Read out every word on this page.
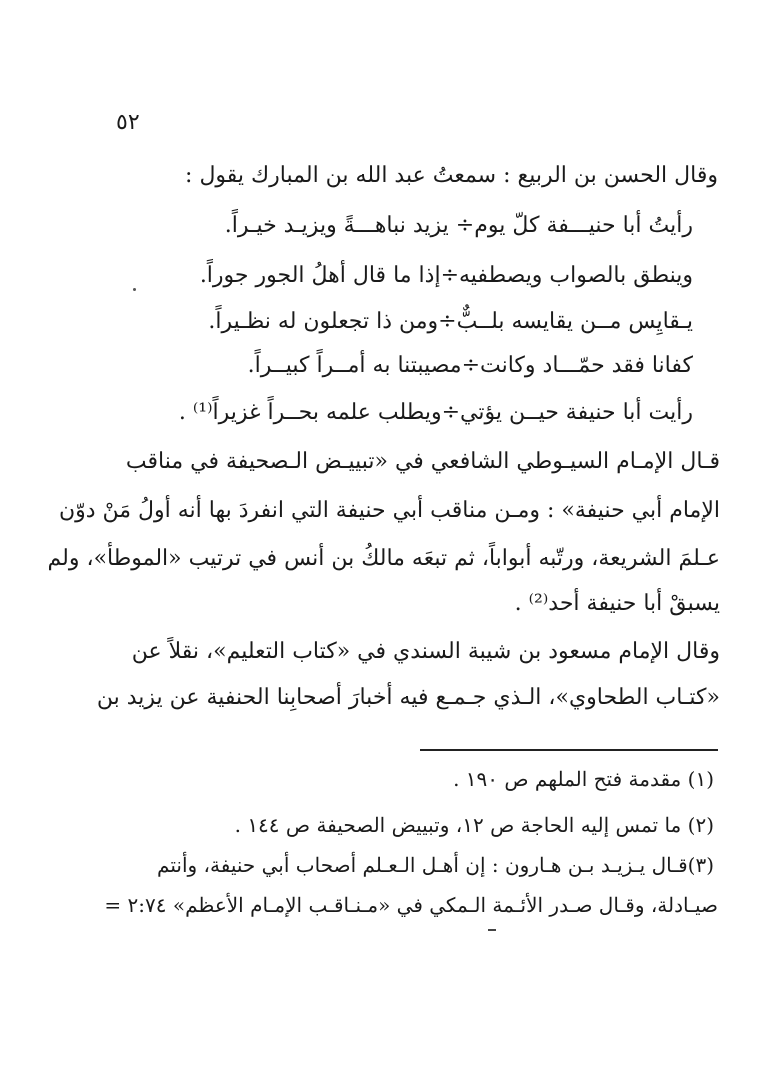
٥٢
وقال الحسن بن الربيع : سمعتُ عبد الله بن المبارك يقول :
رأيتُ أبا حنيـــفة كلّ يوم÷ يزيد نباهـــةً ويزيـد خيـراً.
وينطق بالصواب ويصطفيه÷إذا ما قال أهلُ الجور جوراً.
يـقايِس مــن يقايسه بلــبٌّ÷ومن ذا تجعلون له نظـيراً.
كفانا فقد حمّـــاد وكانت÷مصيبتنا به أمــراً كبيــراً.
رأيت أبا حنيفة حيــن يؤتي÷ويطلب علمه بحــراً غزيراً⁽¹⁾ .
قـال الإمـام السيـوطي الشافعي في «تبييـض الـصحيفة في مناقب
الإمام أبي حنيفة» : ومـن مناقب أبي حنيفة التي انفردَ بها أنه أولُ مَنْ دوّن
عـلمَ الشريعة، ورتّبه أبواباً، ثم تبعَه مالكُ بن أنس في ترتيب «الموطأ»، ولم
يسبقْ أبا حنيفة أحد⁽²⁾ .
وقال الإمام مسعود بن شيبة السندي في «كتاب التعليم»، نقلاً عن
«كتـاب الطحاوي»، الـذي جـمـع فيه أخبارَ أصحابِنا الحنفية عن يزيد بن
(١) مقدمة فتح الملهم ص ١٩٠ .
(٢) ما تمس إليه الحاجة ص ١٢، وتبييض الصحيفة ص ١٤٤ .
(٣)قـال يـزيـد بـن هـارون : إن أهـل الـعـلم أصحاب أبي حنيفة، وأنتم
صيـادلة، وقـال صـدر الأئـمة الـمكي في «مـنـاقـب الإمـام الأعظم» ٢:٧٤ =
